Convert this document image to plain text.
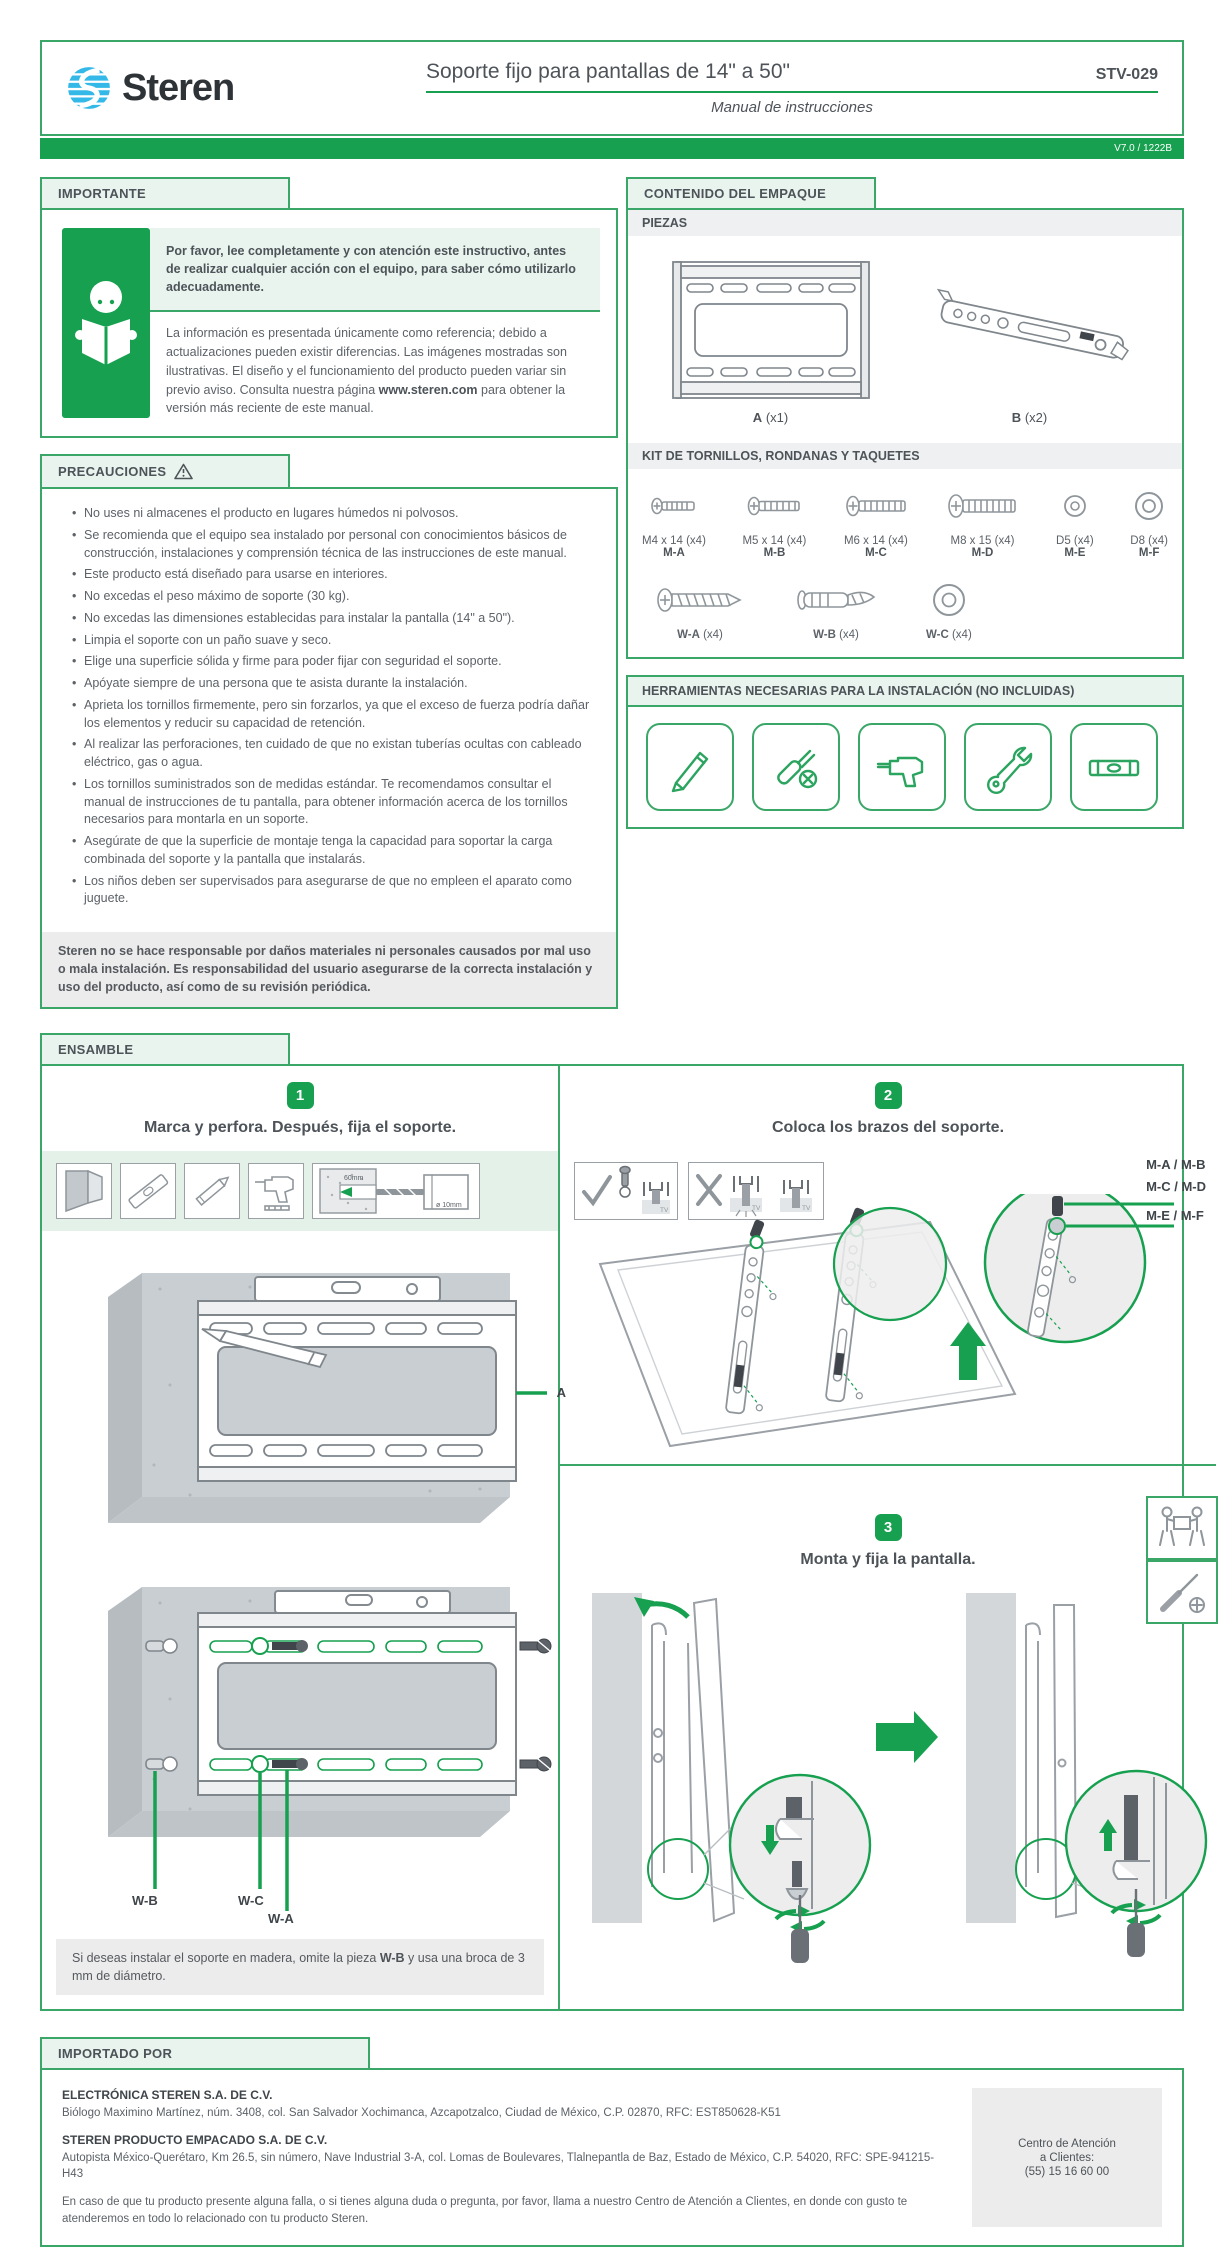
Steren	Soporte fijo para pantallas de 14" a 50"	STV-029
Manual de instrucciones
V7.0 / 1222B
IMPORTANTE

Por favor, lee completamente y con atención este instructivo, antes de realizar cualquier acción con el equipo, para saber cómo utilizarlo adecuadamente.

La información es presentada únicamente como referencia; debido a actualizaciones pueden existir diferencias. Las imágenes mostradas son ilustrativas. El diseño y el funcionamiento del producto pueden variar sin previo aviso. Consulta nuestra página www.steren.com para obtener la versión más reciente de este manual.

PRECAUCIONES
• No uses ni almacenes el producto en lugares húmedos ni polvosos.
• Se recomienda que el equipo sea instalado por personal con conocimientos básicos de construcción, instalaciones y comprensión técnica de las instrucciones de este manual.
• Este producto está diseñado para usarse en interiores.
• No excedas el peso máximo de soporte (30 kg).
• No excedas las dimensiones establecidas para instalar la pantalla (14" a 50").
• Limpia el soporte con un paño suave y seco.
• Elige una superficie sólida y firme para poder fijar con seguridad el soporte.
• Apóyate siempre de una persona que te asista durante la instalación.
• Aprieta los tornillos firmemente, pero sin forzarlos, ya que el exceso de fuerza podría dañar los elementos y reducir su capacidad de retención.
• Al realizar las perforaciones, ten cuidado de que no existan tuberías ocultas con cableado eléctrico, gas o agua.
• Los tornillos suministrados son de medidas estándar. Te recomendamos consultar el manual de instrucciones de tu pantalla, para obtener información acerca de los tornillos necesarios para montarla en un soporte.
• Asegúrate de que la superficie de montaje tenga la capacidad para soportar la carga combinada del soporte y la pantalla que instalarás.
• Los niños deben ser supervisados para asegurarse de que no empleen el aparato como juguete.
Steren no se hace responsable por daños materiales ni personales causados por mal uso o mala instalación. Es responsabilidad del usuario asegurarse de la correcta instalación y uso del producto, así como de su revisión periódica.
CONTENIDO DEL EMPAQUE
PIEZAS
A (x1)	B (x2)
KIT DE TORNILLOS, RONDANAS Y TAQUETES
M4 x 14 (x4)
M-A
M5 x 14 (x4)
M-B
M6 x 14 (x4)
M-C
M8 x 15 (x4)
M-D
D5 (x4)
M-E
D8 (x4)
M-F
W-A (x4)	W-B (x4)	W-C (x4)
HERRAMIENTAS NECESARIAS PARA LA INSTALACIÓN (NO INCLUIDAS)
ENSAMBLE
1
Marca y perfora. Después, fija el soporte.
60mm
ø 10mm
A
W-B	W-C
W-A
Si deseas instalar el soporte en madera, omite la pieza W-B y usa una broca de 3 mm de diámetro.
2
Coloca los brazos del soporte.
TV	TV	TV
M-A / M-B
M-C / M-D
M-E / M-F
3
Monta y fija la pantalla.
IMPORTADO POR
ELECTRÓNICA STEREN S.A. DE C.V.
Biólogo Maximino Martínez, núm. 3408, col. San Salvador Xochimanca, Azcapotzalco, Ciudad de México, C.P. 02870, RFC: EST850628-K51
STEREN PRODUCTO EMPACADO S.A. DE C.V.
Autopista México-Querétaro, Km 26.5, sin número, Nave Industrial 3-A, col. Lomas de Boulevares, Tlalnepantla de Baz, Estado de México, C.P. 54020, RFC: SPE-941215-H43
En caso de que tu producto presente alguna falla, o si tienes alguna duda o pregunta, por favor, llama a nuestro Centro de Atención a Clientes, en donde con gusto te atenderemos en todo lo relacionado con tu producto Steren.
Centro de Atención
a Clientes:
(55) 15 16 60 00
